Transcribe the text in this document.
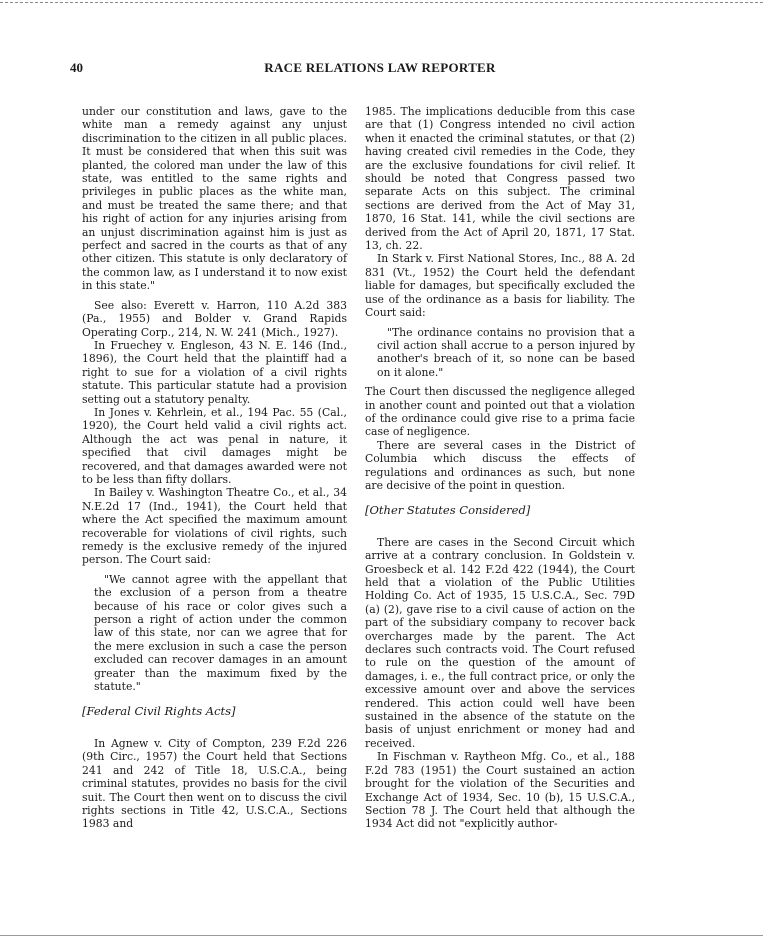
40	RACE RELATIONS LAW REPORTER

under our constitution and laws, gave to the white man a remedy against any unjust discrimination to the citizen in all public places. It must be considered that when this suit was planted, the colored man under the law of this state, was entitled to the same rights and privileges in public places as the white man, and must be treated the same there; and that his right of action for any injuries arising from an unjust discrimination against him is just as perfect and sacred in the courts as that of any other citizen. This statute is only declaratory of the common law, as I understand it to now exist in this state."

See also: Everett v. Harron, 110 A.2d 383 (Pa., 1955) and Bolder v. Grand Rapids Operating Corp., 214, N. W. 241 (Mich., 1927).

In Fruechey v. Engleson, 43 N. E. 146 (Ind., 1896), the Court held that the plaintiff had a right to sue for a violation of a civil rights statute. This particular statute had a provision setting out a statutory penalty.

In Jones v. Kehrlein, et al., 194 Pac. 55 (Cal., 1920), the Court held valid a civil rights act. Although the act was penal in nature, it specified that civil damages might be recovered, and that damages awarded were not to be less than fifty dollars.

In Bailey v. Washington Theatre Co., et al., 34 N.E.2d 17 (Ind., 1941), the Court held that where the Act specified the maximum amount recoverable for violations of civil rights, such remedy is the exclusive remedy of the injured person. The Court said:

"We cannot agree with the appellant that the exclusion of a person from a theatre because of his race or color gives such a person a right of action under the common law of this state, nor can we agree that for the mere exclusion in such a case the person excluded can recover damages in an amount greater than the maximum fixed by the statute."

[Federal Civil Rights Acts]

In Agnew v. City of Compton, 239 F.2d 226 (9th Circ., 1957) the Court held that Sections 241 and 242 of Title 18, U.S.C.A., being criminal statutes, provides no basis for the civil suit. The Court then went on to discuss the civil rights sections in Title 42, U.S.C.A., Sections 1983 and

1985. The implications deducible from this case are that (1) Congress intended no civil action when it enacted the criminal statutes, or that (2) having created civil remedies in the Code, they are the exclusive foundations for civil relief. It should be noted that Congress passed two separate Acts on this subject. The criminal sections are derived from the Act of May 31, 1870, 16 Stat. 141, while the civil sections are derived from the Act of April 20, 1871, 17 Stat. 13, ch. 22.

In Stark v. First National Stores, Inc., 88 A. 2d 831 (Vt., 1952) the Court held the defendant liable for damages, but specifically excluded the use of the ordinance as a basis for liability. The Court said:

"The ordinance contains no provision that a civil action shall accrue to a person injured by another's breach of it, so none can be based on it alone."

The Court then discussed the negligence alleged in another count and pointed out that a violation of the ordinance could give rise to a prima facie case of negligence.

There are several cases in the District of Columbia which discuss the effects of regulations and ordinances as such, but none are decisive of the point in question.

[Other Statutes Considered]

There are cases in the Second Circuit which arrive at a contrary conclusion. In Goldstein v. Groesbeck et al. 142 F.2d 422 (1944), the Court held that a violation of the Public Utilities Holding Co. Act of 1935, 15 U.S.C.A., Sec. 79D (a) (2), gave rise to a civil cause of action on the part of the subsidiary company to recover back overcharges made by the parent. The Act declares such contracts void. The Court refused to rule on the question of the amount of damages, i. e., the full contract price, or only the excessive amount over and above the services rendered. This action could well have been sustained in the absence of the statute on the basis of unjust enrichment or money had and received.

In Fischman v. Raytheon Mfg. Co., et al., 188 F.2d 783 (1951) the Court sustained an action brought for the violation of the Securities and Exchange Act of 1934, Sec. 10 (b), 15 U.S.C.A., Section 78 J. The Court held that although the 1934 Act did not "explicitly author-
